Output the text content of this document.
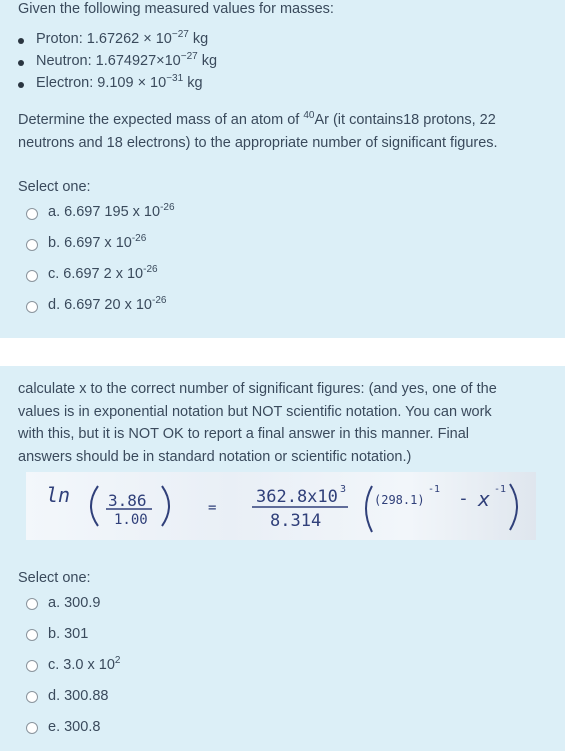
Given the following measured values for masses:
Proton: $1.67262 \times 10^{-27}$ kg
Neutron: $1.674927\times 10^{-27}$ kg
Electron: $9.109 \times 10^{-31}$ kg
Determine the expected mass of an atom of $^{40}$Ar (it contains18 protons, 22
neutrons and 18 electrons) to the appropriate number of significant figures.
Select one:
a. 6.697 195 x $10^{-26}$
b. 6.697 x $10^{-26}$
c. 6.697 2 x $10^{-26}$
d. 6.697 20 x $10^{-26}$
calculate x to the correct number of significant figures: (and yes, one of the
values is in exponential notation but NOT scientific notation. You can work
with this, but it is NOT OK to report a final answer in this manner. Final
answers should be in standard notation or scientific notation.)
ln 3.86
1.00
=
362.8x10 3
8.314
(298.1)
-1 - x -1
Select one:
a. 300.9
b. 301
c. 3.0 x $10^2$
d. 300.88
e. 300.8
